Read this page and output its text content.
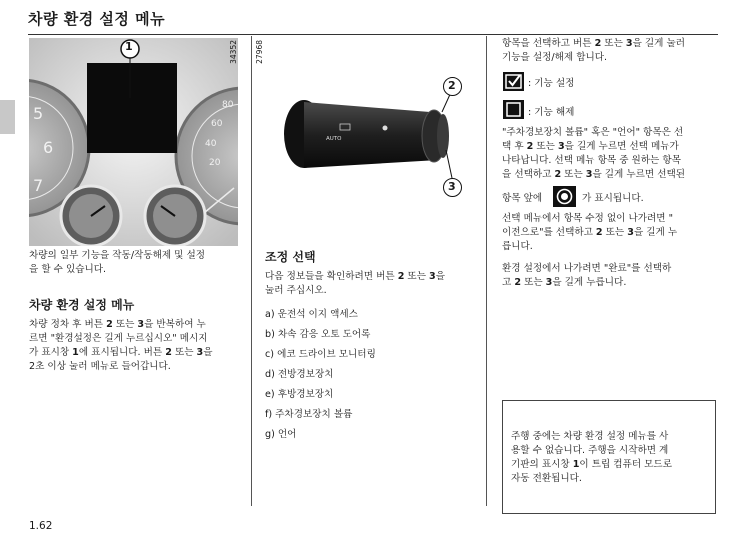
차량 환경 설정 메뉴
1
5
6
7
80
60
40
20
34352 27968
AUTO
2
3
차량의 일부 기능을 작동/작동해제 및 설정
을 할 수 있습니다.
차량 환경 설정 메뉴
차량 정차 후 버튼 2 또는 3을 반복하여 누
르면 "환경설정은 길게 누르십시오" 메시지
가 표시창 1에 표시됩니다. 버튼 2 또는 3을
2초 이상 눌러 메뉴로 들어갑니다.
조정 선택
다음 정보들을 확인하려면 버튼 2 또는 3을
눌러 주십시오.
a) 운전석 이지 액세스
b) 차속 감응 오토 도어록
c) 에코 드라이브 모니터링
d) 전방경보장치
e) 후방경보장치
f) 주차경보장치 볼륨
g) 언어
항목을 선택하고 버튼 2 또는 3을 길게 눌러
기능을 설정/해제 합니다.
: 기능 설정
: 기능 해제
"주차경보장치 볼륨" 혹은 "언어" 항목은 선
택 후 2 또는 3을 길게 누르면 선택 메뉴가
나타납니다. 선택 메뉴 항목 중 원하는 항목
을 선택하고 2 또는 3을 길게 누르면 선택된
항목 앞에	가 표시됩니다.
선택 메뉴에서 항목 수정 없이 나가려면 "
이전으로"를 선택하고 2 또는 3을 길게 누
릅니다.
환경 설정에서 나가려면 "완료"를 선택하
고 2 또는 3을 길게 누릅니다.
주행 중에는 차량 환경 설정 메뉴를 사
용할 수 없습니다. 주행을 시작하면 계
기판의 표시창 1이 트립 컴퓨터 모드로
자동 전환됩니다.
1.62
